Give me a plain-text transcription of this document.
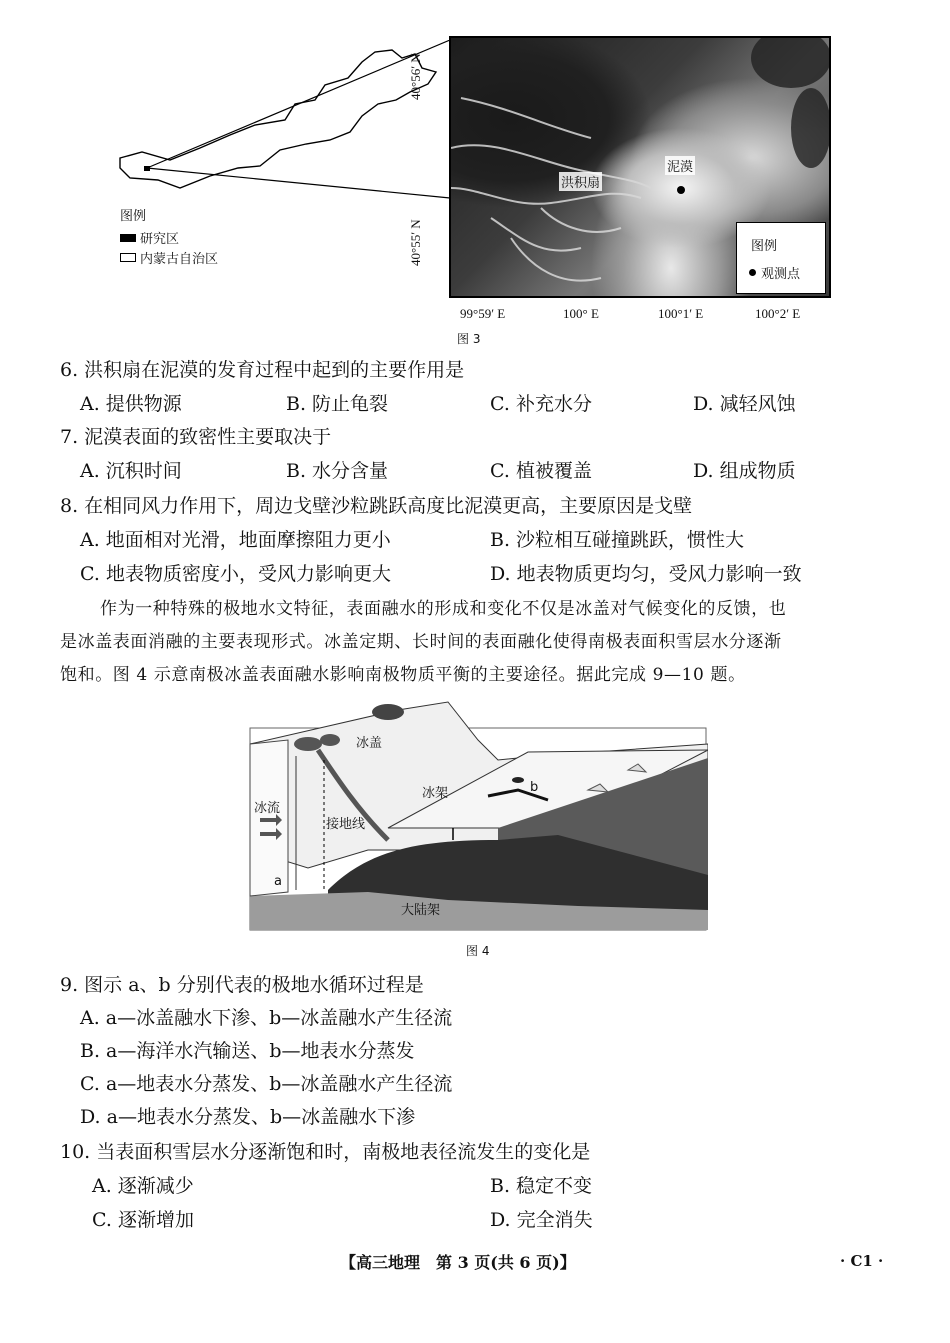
图例
研究区
内蒙古自治区
40°56′ N
40°55′ N
洪积扇
泥漠
图例
观测点
99°59′ E	100° E	100°1′ E	100°2′ E
图 3
6. 洪积扇在泥漠的发育过程中起到的主要作用是
A. 提供物源	B. 防止龟裂	C. 补充水分	D. 减轻风蚀
7. 泥漠表面的致密性主要取决于
A. 沉积时间	B. 水分含量	C. 植被覆盖	D. 组成物质
8. 在相同风力作用下，周边戈壁沙粒跳跃高度比泥漠更高，主要原因是戈壁
A. 地面相对光滑，地面摩擦阻力更小	B. 沙粒相互碰撞跳跃，惯性大
C. 地表物质密度小，受风力影响更大	D. 地表物质更均匀，受风力影响一致
作为一种特殊的极地水文特征，表面融水的形成和变化不仅是冰盖对气候变化的反馈，也
是冰盖表面消融的主要表现形式。冰盖定期、长时间的表面融化使得南极表面积雪层水分逐渐
饱和。图 4 示意南极冰盖表面融水影响南极物质平衡的主要途径。据此完成 9—10 题。
冰盖
冰架
冰流
接地线
大陆架
a
b
图 4
9. 图示 a、b 分别代表的极地水循环过程是
A. a—冰盖融水下渗、b—冰盖融水产生径流
B. a—海洋水汽输送、b—地表水分蒸发
C. a—地表水分蒸发、b—冰盖融水产生径流
D. a—地表水分蒸发、b—冰盖融水下渗
10. 当表面积雪层水分逐渐饱和时，南极地表径流发生的变化是
A. 逐渐减少	B. 稳定不变
C. 逐渐增加	D. 完全消失
【高三地理　第 3 页(共 6 页)】	· C1 ·
